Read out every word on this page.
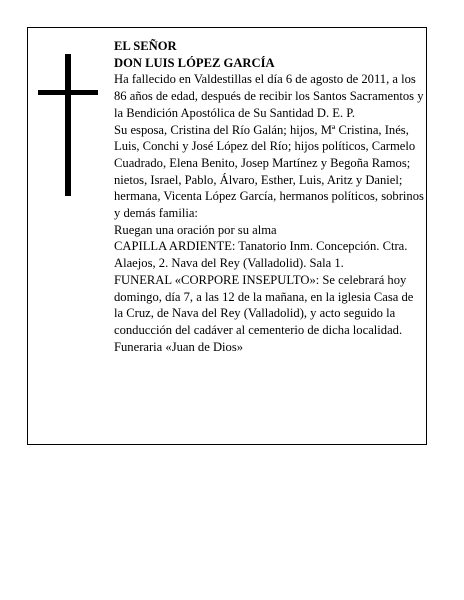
EL SEÑOR

DON LUIS LÓPEZ GARCÍA

Ha fallecido en Valdestillas el día 6 de agosto de 2011, a los 86 años de edad, después de recibir los Santos Sacramentos y la Bendición Apostólica de Su Santidad D. E. P.

Su esposa, Cristina del Río Galán; hijos, Mª Cristina, Inés, Luis, Conchi y José López del Río; hijos políticos, Carmelo Cuadrado, Elena Benito, Josep Martínez y Begoña Ramos; nietos, Israel, Pablo, Álvaro, Esther, Luis, Aritz y Daniel; hermana, Vicenta López García, hermanos políticos, sobrinos y demás familia:

Ruegan una oración por su alma

CAPILLA ARDIENTE: Tanatorio Inm. Concepción. Ctra. Alaejos, 2. Nava del Rey (Valladolid). Sala 1.

FUNERAL «CORPORE INSEPULTO»: Se celebrará hoy domingo, día 7, a las 12 de la mañana, en la iglesia Casa de la Cruz, de Nava del Rey (Valladolid), y acto seguido la conducción del cadáver al cementerio de dicha localidad.

Funeraria «Juan de Dios»
